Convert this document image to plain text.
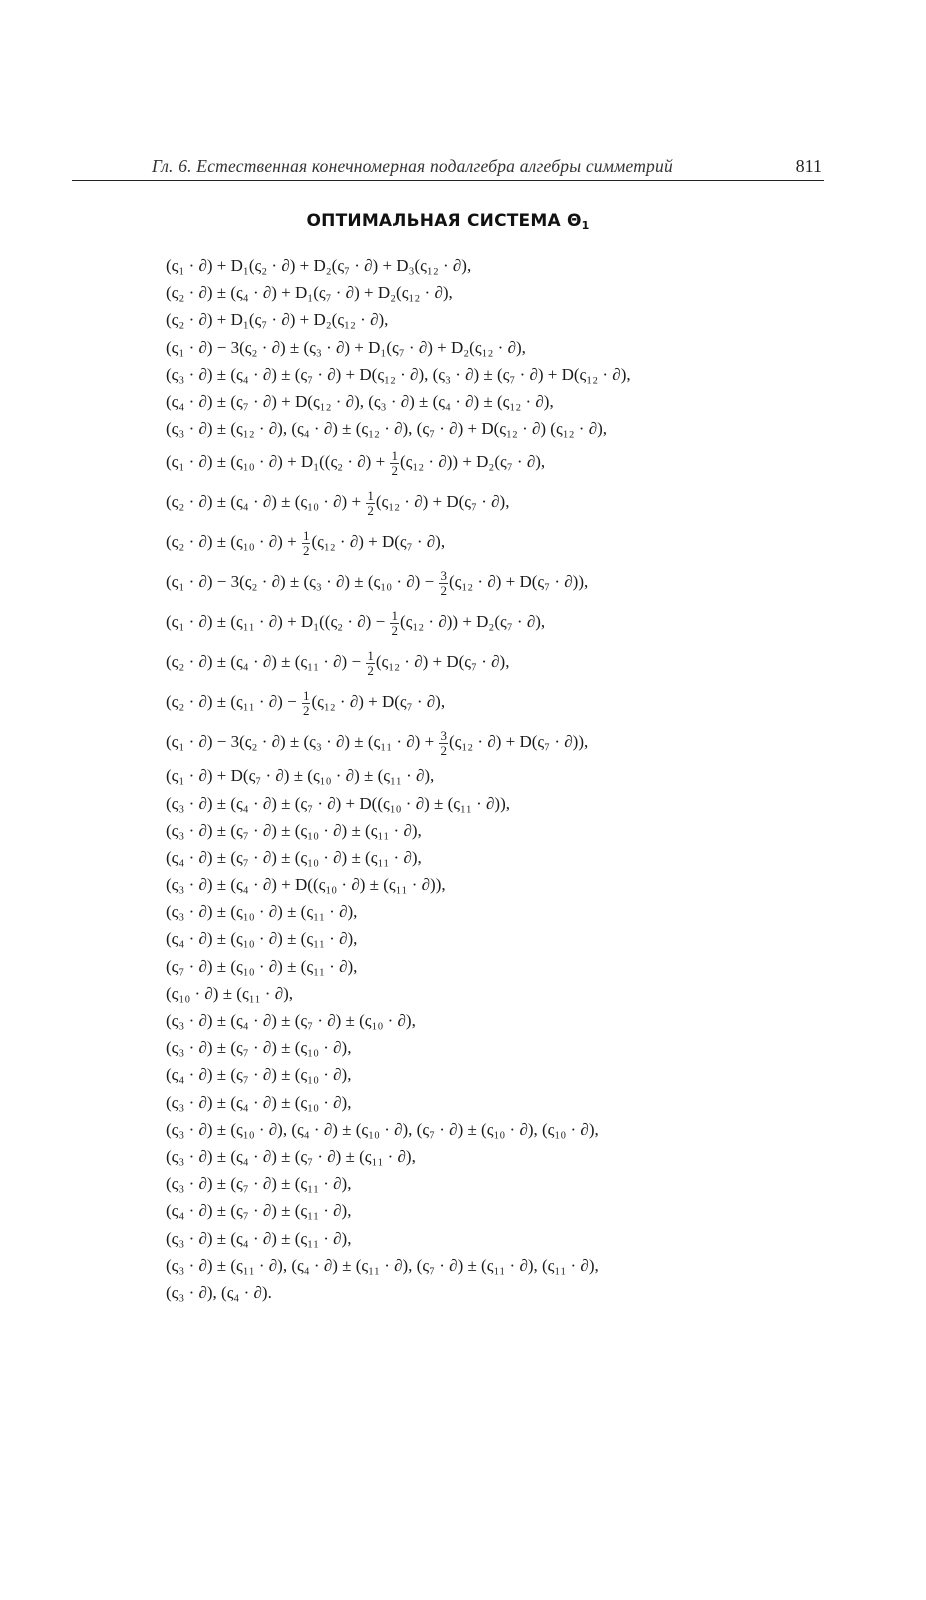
Гл. 6. Естественная конечномерная подалгебра алгебры симметрий	811
ОПТИМАЛЬНАЯ СИСТЕМА $\Theta_1$
(ς₁ · ∂) + D₁(ς₂ · ∂) + D₂(ς₇ · ∂) + D₃(ς₁₂ · ∂),
(ς₂ · ∂) ± (ς₄ · ∂) + D₁(ς₇ · ∂) + D₂(ς₁₂ · ∂),
(ς₂ · ∂) + D₁(ς₇ · ∂) + D₂(ς₁₂ · ∂),
(ς₁ · ∂) − 3(ς₂ · ∂) ± (ς₃ · ∂) + D₁(ς₇ · ∂) + D₂(ς₁₂ · ∂),
(ς₃ · ∂) ± (ς₄ · ∂) ± (ς₇ · ∂) + D(ς₁₂ · ∂), (ς₃ · ∂) ± (ς₇ · ∂) + D(ς₁₂ · ∂),
(ς₄ · ∂) ± (ς₇ · ∂) + D(ς₁₂ · ∂), (ς₃ · ∂) ± (ς₄ · ∂) ± (ς₁₂ · ∂),
(ς₃ · ∂) ± (ς₁₂ · ∂), (ς₄ · ∂) ± (ς₁₂ · ∂), (ς₇ · ∂) + D(ς₁₂ · ∂) (ς₁₂ · ∂),
(ς₁ · ∂) ± (ς₁₀ · ∂) + D₁((ς₂ · ∂) + $\frac{1}{2} (\varsigma_{12}$ · ∂)) + D₂(ς₇ · ∂),
(ς₂ · ∂) ± (ς₄ · ∂) ± (ς₁₀ · ∂) + $\frac{1}{2} (\varsigma_{12}$ · ∂) + D(ς₇ · ∂),
(ς₂ · ∂) ± (ς₁₀ · ∂) + $\frac{1}{2} (\varsigma_{12}$ · ∂) + D(ς₇ · ∂),
(ς₁ · ∂) − 3(ς₂ · ∂) ± (ς₃ · ∂) ± (ς₁₀ · ∂) − $\frac{3}{2} (\varsigma_{12}$ · ∂) + D(ς₇ · ∂)),
(ς₁ · ∂) ± (ς₁₁ · ∂) + D₁((ς₂ · ∂) − $\frac{1}{2} (\varsigma_{12}$ · ∂)) + D₂(ς₇ · ∂),
(ς₂ · ∂) ± (ς₄ · ∂) ± (ς₁₁ · ∂) − $\frac{1}{2} (\varsigma_{12}$ · ∂) + D(ς₇ · ∂),
(ς₂ · ∂) ± (ς₁₁ · ∂) − $\frac{1}{2} (\varsigma_{12}$ · ∂) + D(ς₇ · ∂),
(ς₁ · ∂) − 3(ς₂ · ∂) ± (ς₃ · ∂) ± (ς₁₁ · ∂) + $\frac{3}{2} (\varsigma_{12}$ · ∂) + D(ς₇ · ∂)),
(ς₁ · ∂) + D(ς₇ · ∂) ± (ς₁₀ · ∂) ± (ς₁₁ · ∂),
(ς₃ · ∂) ± (ς₄ · ∂) ± (ς₇ · ∂) + D((ς₁₀ · ∂) ± (ς₁₁ · ∂)),
(ς₃ · ∂) ± (ς₇ · ∂) ± (ς₁₀ · ∂) ± (ς₁₁ · ∂),
(ς₄ · ∂) ± (ς₇ · ∂) ± (ς₁₀ · ∂) ± (ς₁₁ · ∂),
(ς₃ · ∂) ± (ς₄ · ∂) + D((ς₁₀ · ∂) ± (ς₁₁ · ∂)),
(ς₃ · ∂) ± (ς₁₀ · ∂) ± (ς₁₁ · ∂),
(ς₄ · ∂) ± (ς₁₀ · ∂) ± (ς₁₁ · ∂),
(ς₇ · ∂) ± (ς₁₀ · ∂) ± (ς₁₁ · ∂),
(ς₁₀ · ∂) ± (ς₁₁ · ∂),
(ς₃ · ∂) ± (ς₄ · ∂) ± (ς₇ · ∂) ± (ς₁₀ · ∂),
(ς₃ · ∂) ± (ς₇ · ∂) ± (ς₁₀ · ∂),
(ς₄ · ∂) ± (ς₇ · ∂) ± (ς₁₀ · ∂),
(ς₃ · ∂) ± (ς₄ · ∂) ± (ς₁₀ · ∂),
(ς₃ · ∂) ± (ς₁₀ · ∂), (ς₄ · ∂) ± (ς₁₀ · ∂), (ς₇ · ∂) ± (ς₁₀ · ∂), (ς₁₀ · ∂),
(ς₃ · ∂) ± (ς₄ · ∂) ± (ς₇ · ∂) ± (ς₁₁ · ∂),
(ς₃ · ∂) ± (ς₇ · ∂) ± (ς₁₁ · ∂),
(ς₄ · ∂) ± (ς₇ · ∂) ± (ς₁₁ · ∂),
(ς₃ · ∂) ± (ς₄ · ∂) ± (ς₁₁ · ∂),
(ς₃ · ∂) ± (ς₁₁ · ∂), (ς₄ · ∂) ± (ς₁₁ · ∂), (ς₇ · ∂) ± (ς₁₁ · ∂), (ς₁₁ · ∂),
(ς₃ · ∂), (ς₄ · ∂).
